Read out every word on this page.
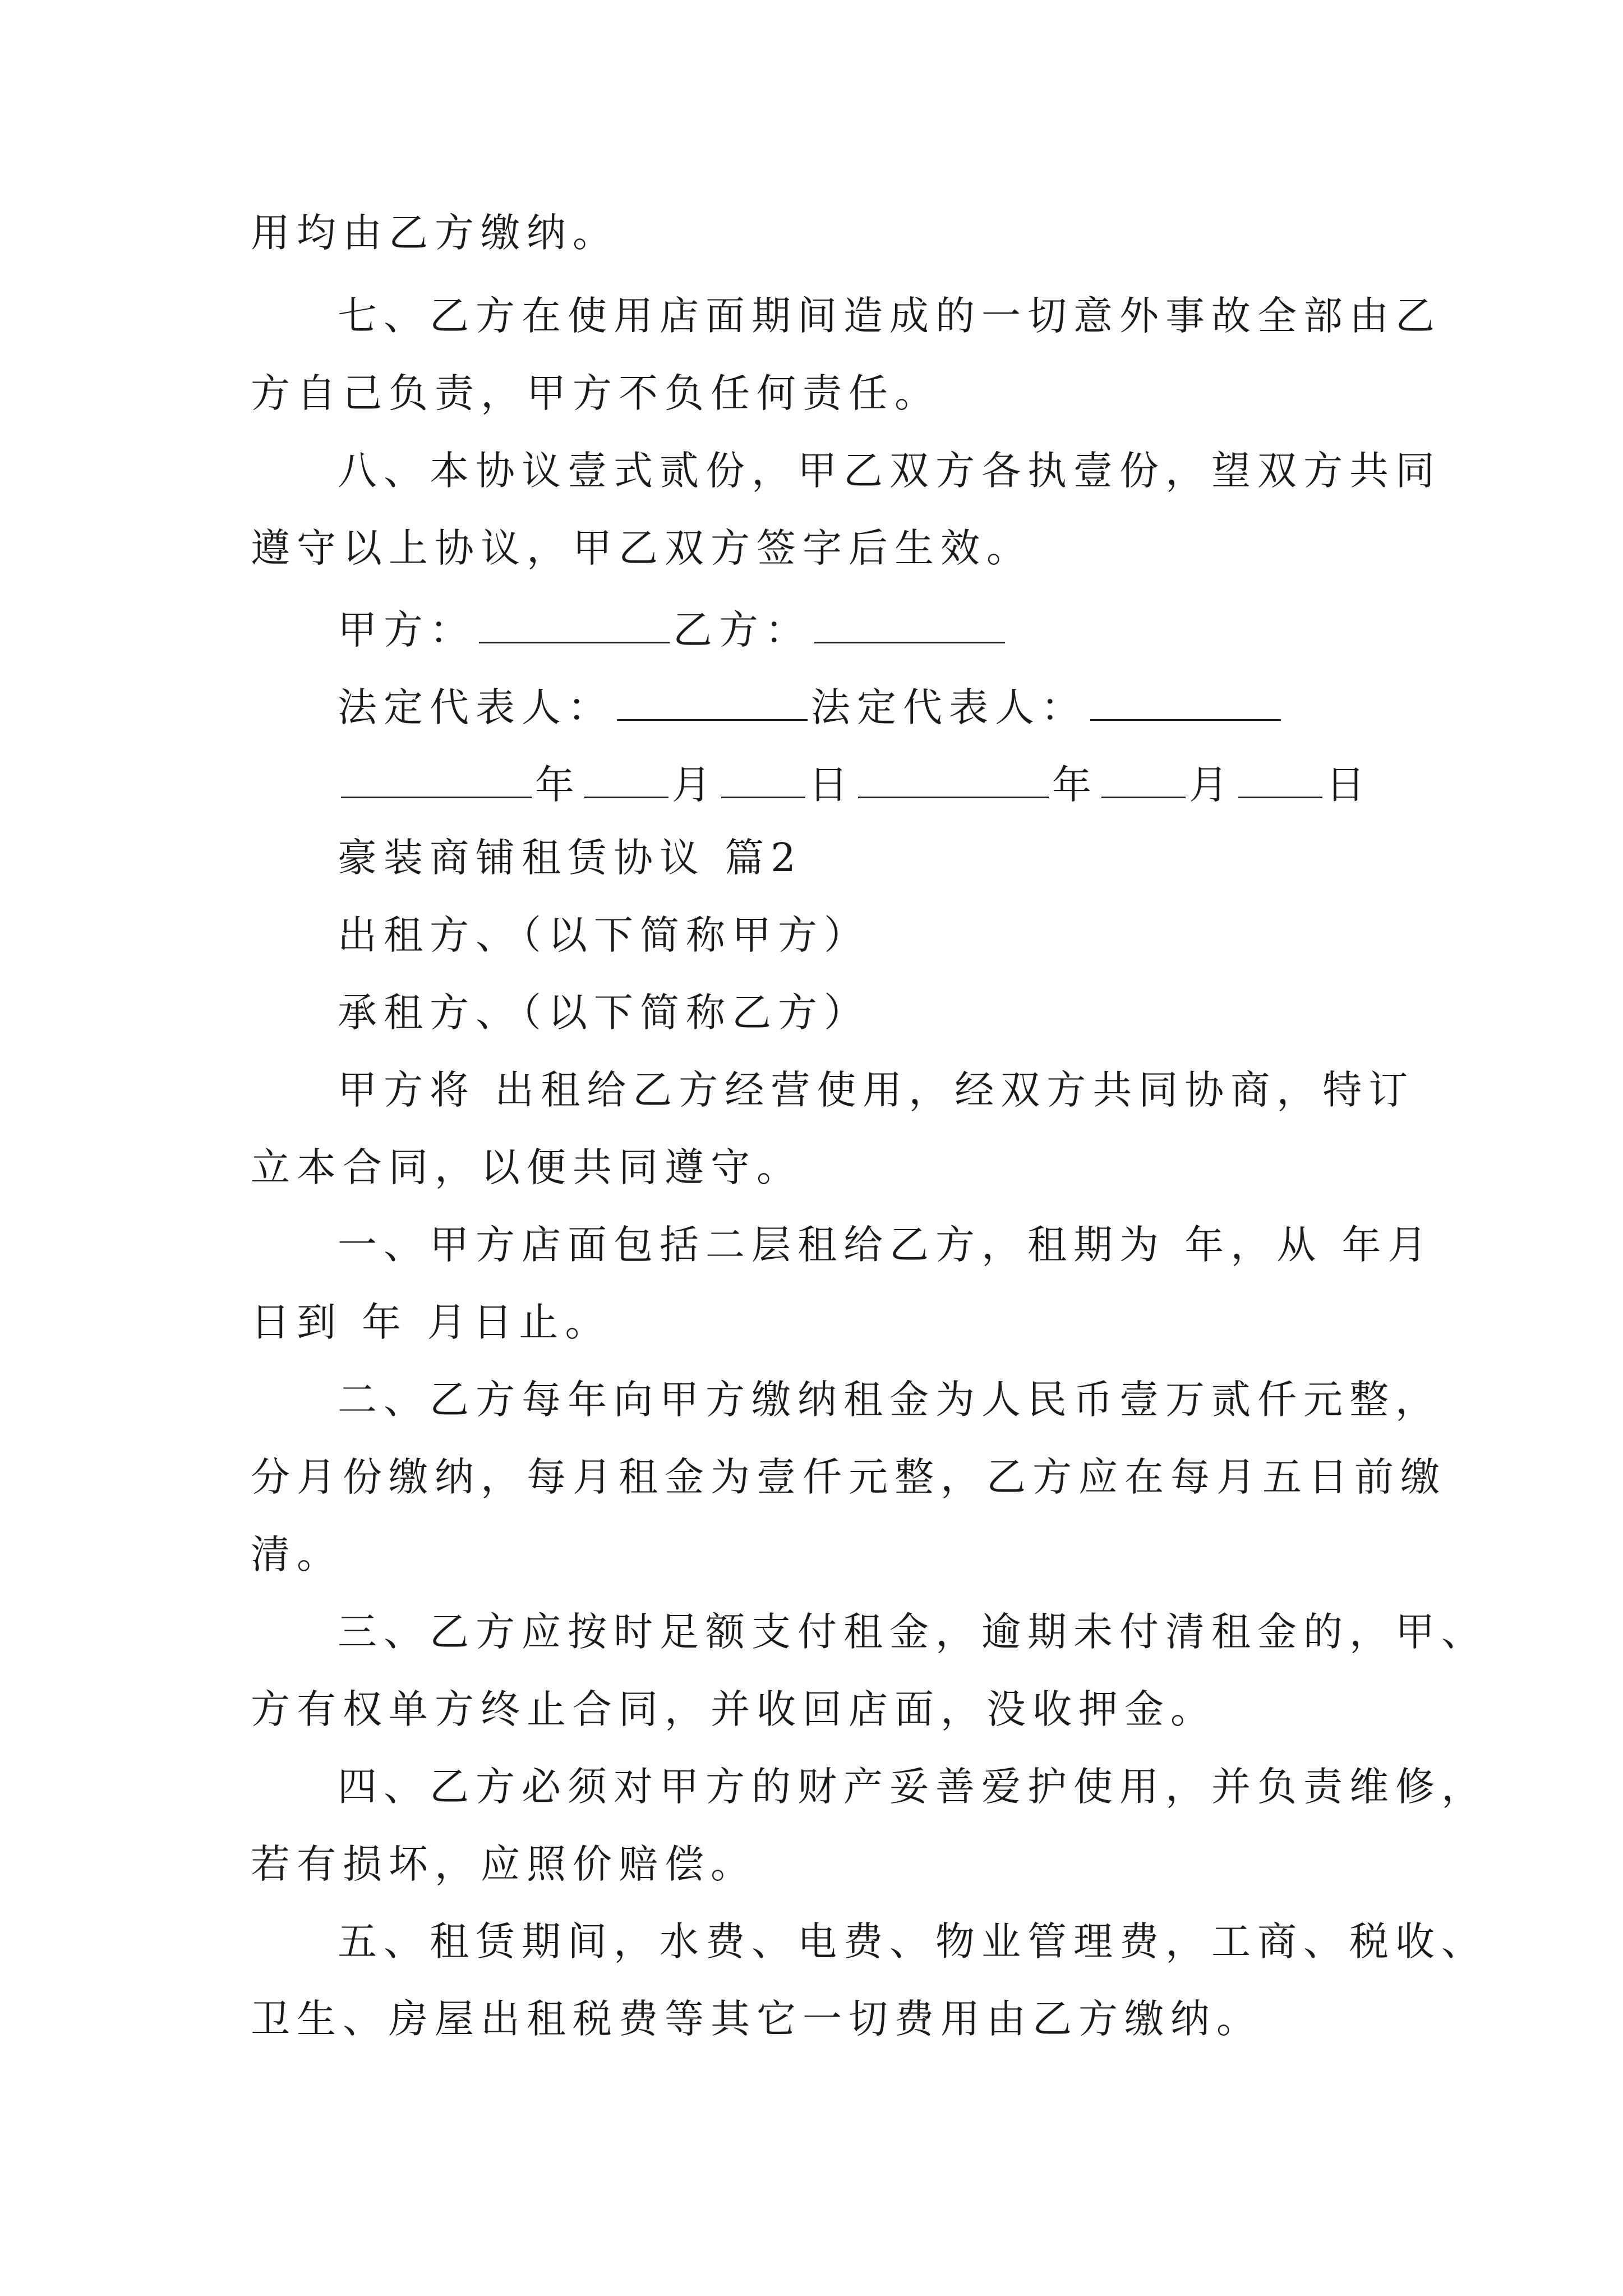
用均由乙方缴纳。
七、乙方在使用店面期间造成的一切意外事故全部由乙
方自己负责，甲方不负任何责任。
八、本协议壹式贰份，甲乙双方各执壹份，望双方共同
遵守以上协议，甲乙双方签字后生效。
甲方：	乙方：
法定代表人：	法定代表人：
年 月 日	年 月 日
豪装商铺租赁协议 篇2
出租方、（以下简称甲方）
承租方、（以下简称乙方）
甲方将 出租给乙方经营使用，经双方共同协商，特订
立本合同，以便共同遵守。
一、甲方店面包括二层租给乙方，租期为 年，从 年月
日到 年 月日止。
二、乙方每年向甲方缴纳租金为人民币壹万贰仟元整，
分月份缴纳，每月租金为壹仟元整，乙方应在每月五日前缴
清。
三、乙方应按时足额支付租金，逾期未付清租金的，甲、
方有权单方终止合同，并收回店面，没收押金。
四、乙方必须对甲方的财产妥善爱护使用，并负责维修，
若有损坏，应照价赔偿。
五、租赁期间，水费、电费、物业管理费，工商、税收、
卫生、房屋出租税费等其它一切费用由乙方缴纳。
